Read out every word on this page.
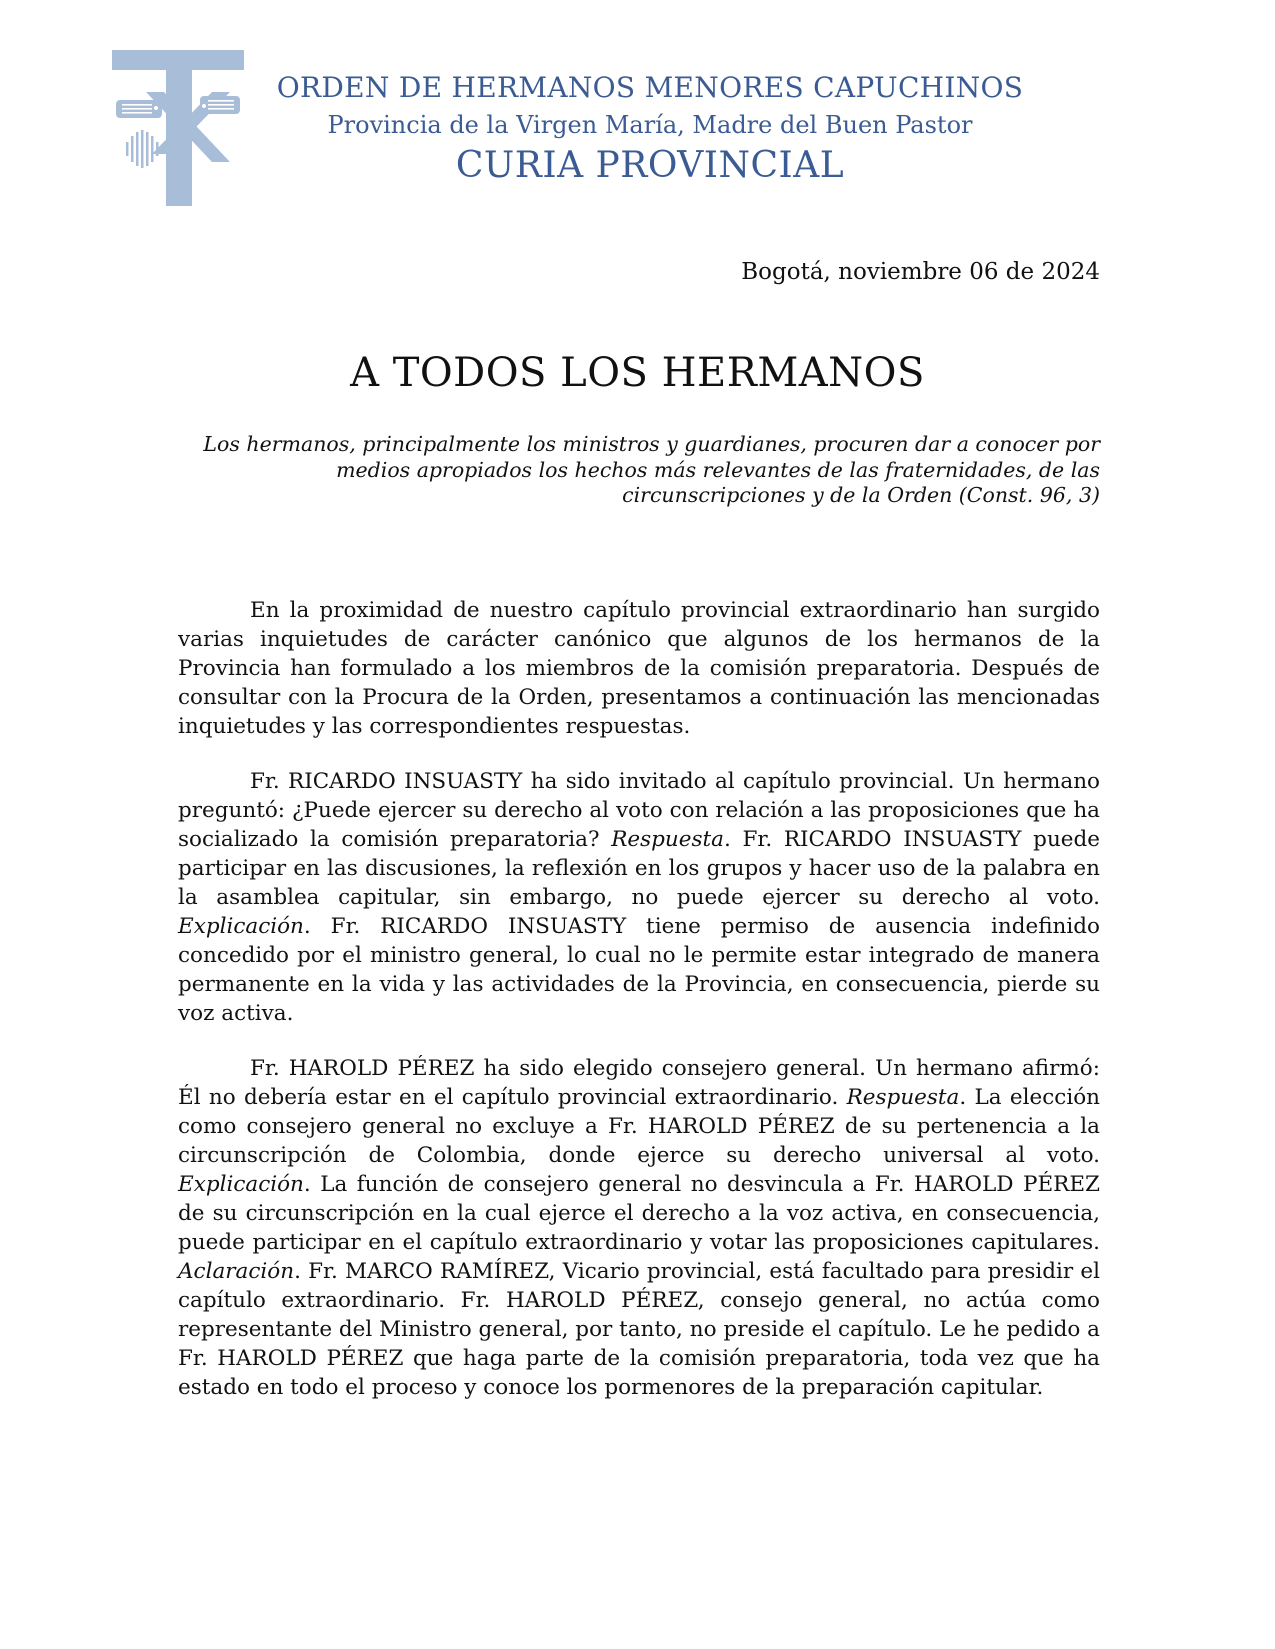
ORDEN DE HERMANOS MENORES CAPUCHINOS
Provincia de la Virgen María, Madre del Buen Pastor
CURIA PROVINCIAL
Bogotá, noviembre 06 de 2024
A TODOS LOS HERMANOS
Los hermanos, principalmente los ministros y guardianes, procuren dar a conocer por medios apropiados los hechos más relevantes de las fraternidades, de las circunscripciones y de la Orden (Const. 96, 3)

En la proximidad de nuestro capítulo provincial extraordinario han surgido varias inquietudes de carácter canónico que algunos de los hermanos de la Provincia han formulado a los miembros de la comisión preparatoria. Después de consultar con la Procura de la Orden, presentamos a continuación las mencionadas inquietudes y las correspondientes respuestas.

Fr. RICARDO INSUASTY ha sido invitado al capítulo provincial. Un hermano preguntó: ¿Puede ejercer su derecho al voto con relación a las proposiciones que ha socializado la comisión preparatoria? Respuesta. Fr. RICARDO INSUASTY puede participar en las discusiones, la reflexión en los grupos y hacer uso de la palabra en la asamblea capitular, sin embargo, no puede ejercer su derecho al voto. Explicación. Fr. RICARDO INSUASTY tiene permiso de ausencia indefinido concedido por el ministro general, lo cual no le permite estar integrado de manera permanente en la vida y las actividades de la Provincia, en consecuencia, pierde su voz activa.

Fr. HAROLD PÉREZ ha sido elegido consejero general. Un hermano afirmó: Él no debería estar en el capítulo provincial extraordinario. Respuesta. La elección como consejero general no excluye a Fr. HAROLD PÉREZ de su pertenencia a la circunscripción de Colombia, donde ejerce su derecho universal al voto. Explicación. La función de consejero general no desvincula a Fr. HAROLD PÉREZ de su circunscripción en la cual ejerce el derecho a la voz activa, en consecuencia, puede participar en el capítulo extraordinario y votar las proposiciones capitulares. Aclaración. Fr. MARCO RAMÍREZ, Vicario provincial, está facultado para presidir el capítulo extraordinario. Fr. HAROLD PÉREZ, consejo general, no actúa como representante del Ministro general, por tanto, no preside el capítulo. Le he pedido a Fr. HAROLD PÉREZ que haga parte de la comisión preparatoria, toda vez que ha estado en todo el proceso y conoce los pormenores de la preparación capitular.
